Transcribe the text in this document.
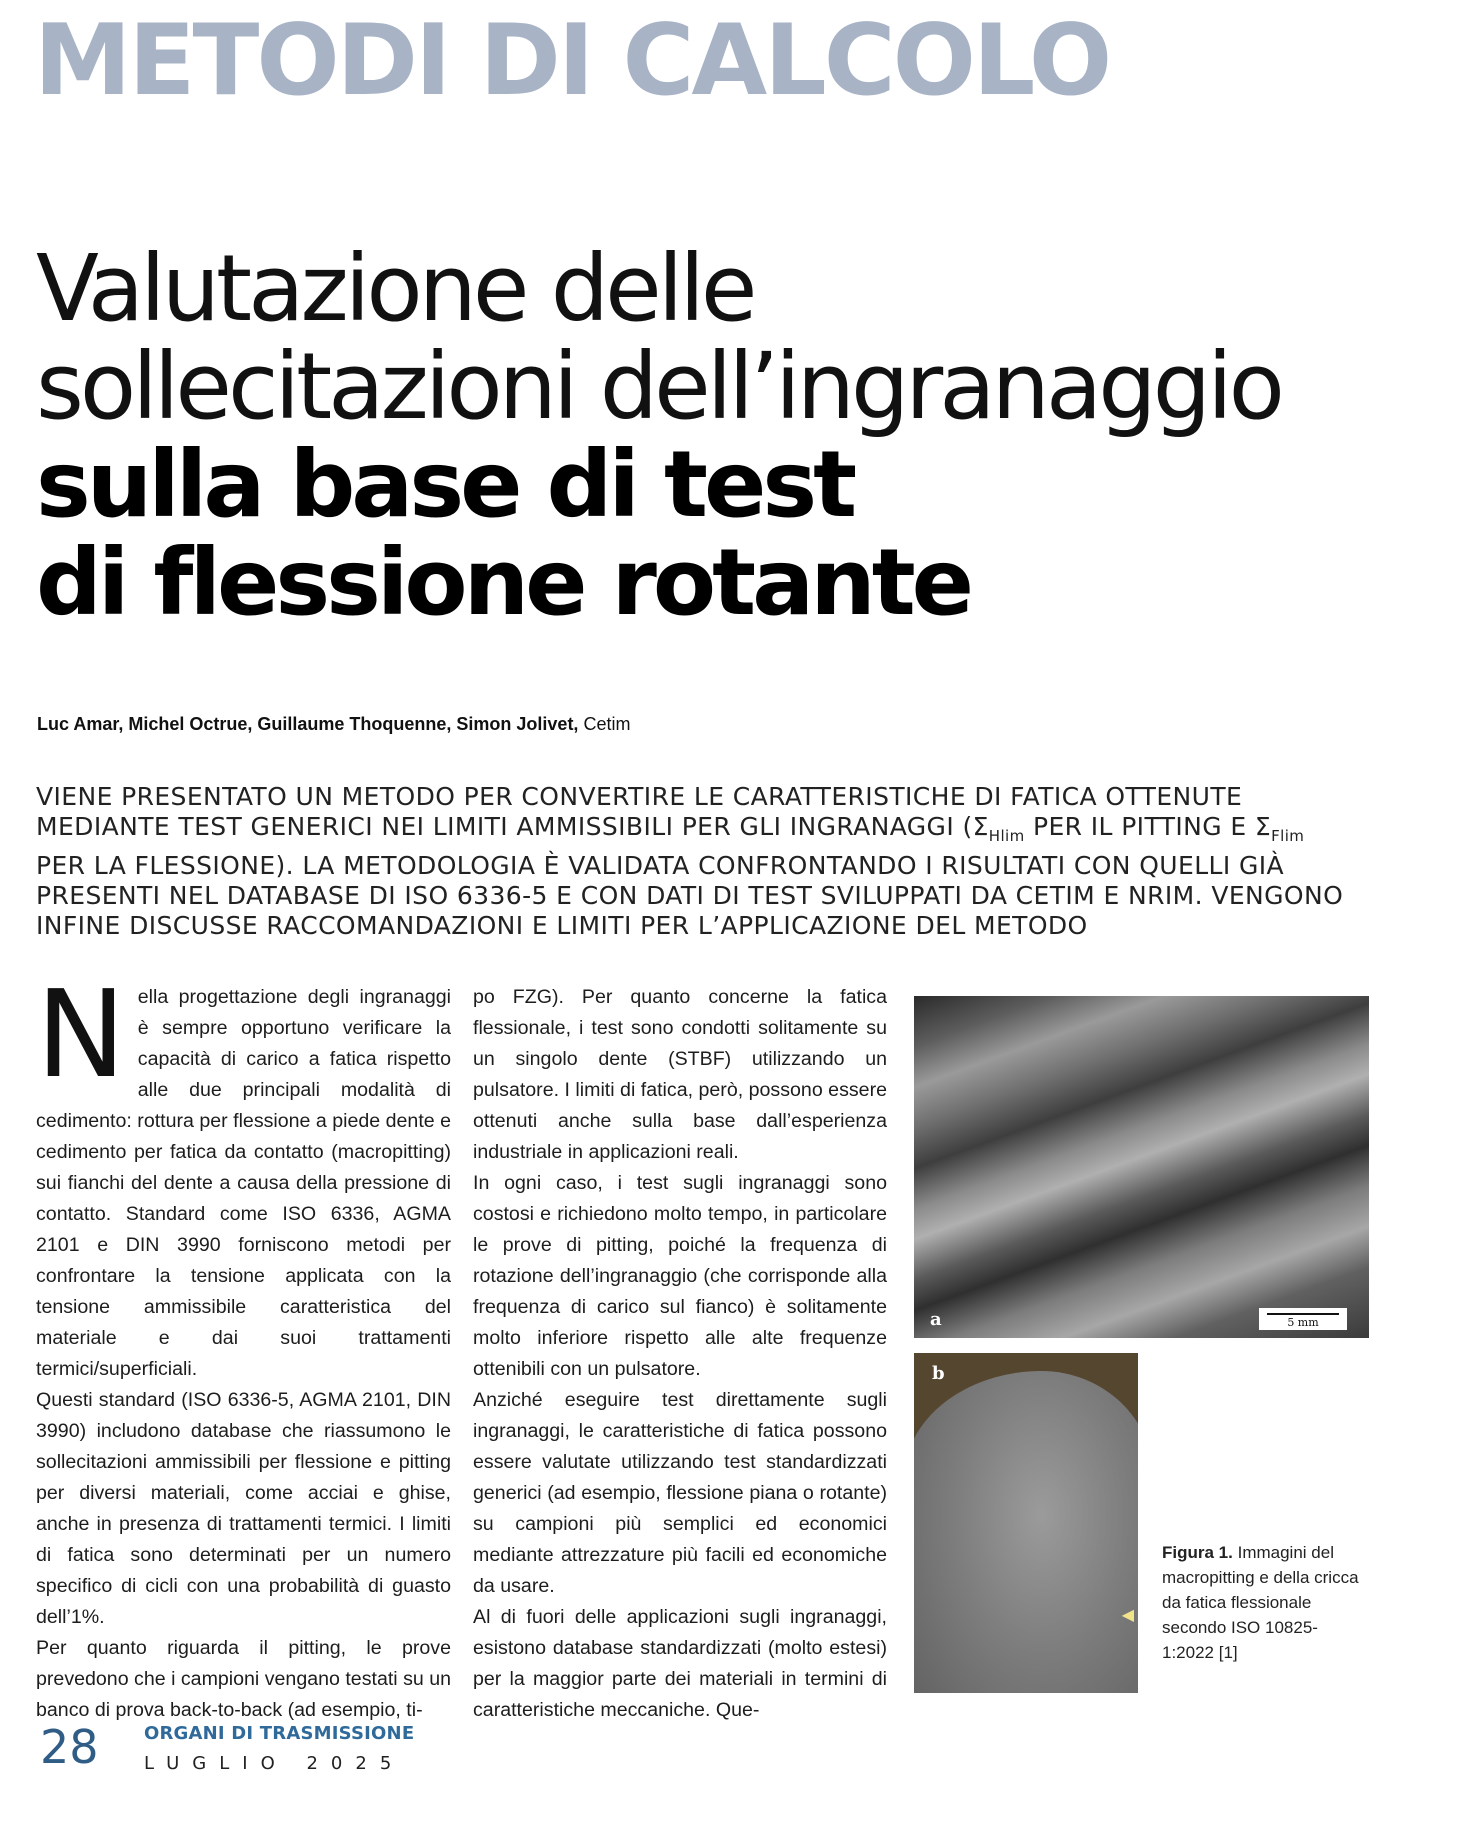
METODI DI CALCOLO
Valutazione delle
sollecitazioni dell’ingranaggio
sulla base di test
di flessione rotante
Luc Amar, Michel Octrue, Guillaume Thoquenne, Simon Jolivet, Cetim

VIENE PRESENTATO UN METODO PER CONVERTIRE LE CARATTERISTICHE DI FATICA OTTENUTE MEDIANTE TEST GENERICI NEI LIMITI AMMISSIBILI PER GLI INGRANAGGI ($\Sigma_{Hlim}$ PER IL PITTING E $\Sigma_{Flim}$ PER LA FLESSIONE). LA METODOLOGIA È VALIDATA CONFRONTANDO I RISULTATI CON QUELLI GIÀ PRESENTI NEL DATABASE DI ISO 6336-5 E CON DATI DI TEST SVILUPPATI DA CETIM E NRIM. VENGONO INFINE DISCUSSE RACCOMANDAZIONI E LIMITI PER L’APPLICAZIONE DEL METODO

Nella progettazione degli ingranaggi è sempre opportuno verificare la capacità di carico a fatica rispetto alle due principali modalità di cedimento: rottura per flessione a piede dente e cedimento per fatica da contatto (macropitting) sui fianchi del dente a causa della pressione di contatto. Standard come ISO 6336, AGMA 2101 e DIN 3990 forniscono metodi per confrontare la tensione applicata con la tensione ammissibile caratteristica del materiale e dai suoi trattamenti termici/superficiali.

Questi standard (ISO 6336-5, AGMA 2101, DIN 3990) includono database che riassumono le sollecitazioni ammissibili per flessione e pitting per diversi materiali, come acciai e ghise, anche in presenza di trattamenti termici. I limiti di fatica sono determinati per un numero specifico di cicli con una probabilità di guasto dell’1%.

Per quanto riguarda il pitting, le prove prevedono che i campioni vengano testati su un banco di prova back-to-back (ad esempio, ti-

po FZG). Per quanto concerne la fatica flessionale, i test sono condotti solitamente su un singolo dente (STBF) utilizzando un pulsatore. I limiti di fatica, però, possono essere ottenuti anche sulla base dall’esperienza industriale in applicazioni reali.

In ogni caso, i test sugli ingranaggi sono costosi e richiedono molto tempo, in particolare le prove di pitting, poiché la frequenza di rotazione dell’ingranaggio (che corrisponde alla frequenza di carico sul fianco) è solitamente molto inferiore rispetto alle alte frequenze ottenibili con un pulsatore.

Anziché eseguire test direttamente sugli ingranaggi, le caratteristiche di fatica possono essere valutate utilizzando test standardizzati generici (ad esempio, flessione piana o rotante) su campioni più semplici ed economici mediante attrezzature più facili ed economiche da usare.

Al di fuori delle applicazioni sugli ingranaggi, esistono database standardizzati (molto estesi) per la maggior parte dei materiali in termini di caratteristiche meccaniche. Que-

a	5 mm
b
◀
Figura 1. Immagini del macropitting e della cricca da fatica flessionale secondo ISO 10825-1:2022 [1]
28	ORGANI DI TRASMISSIONE
LUGLIO 2025
